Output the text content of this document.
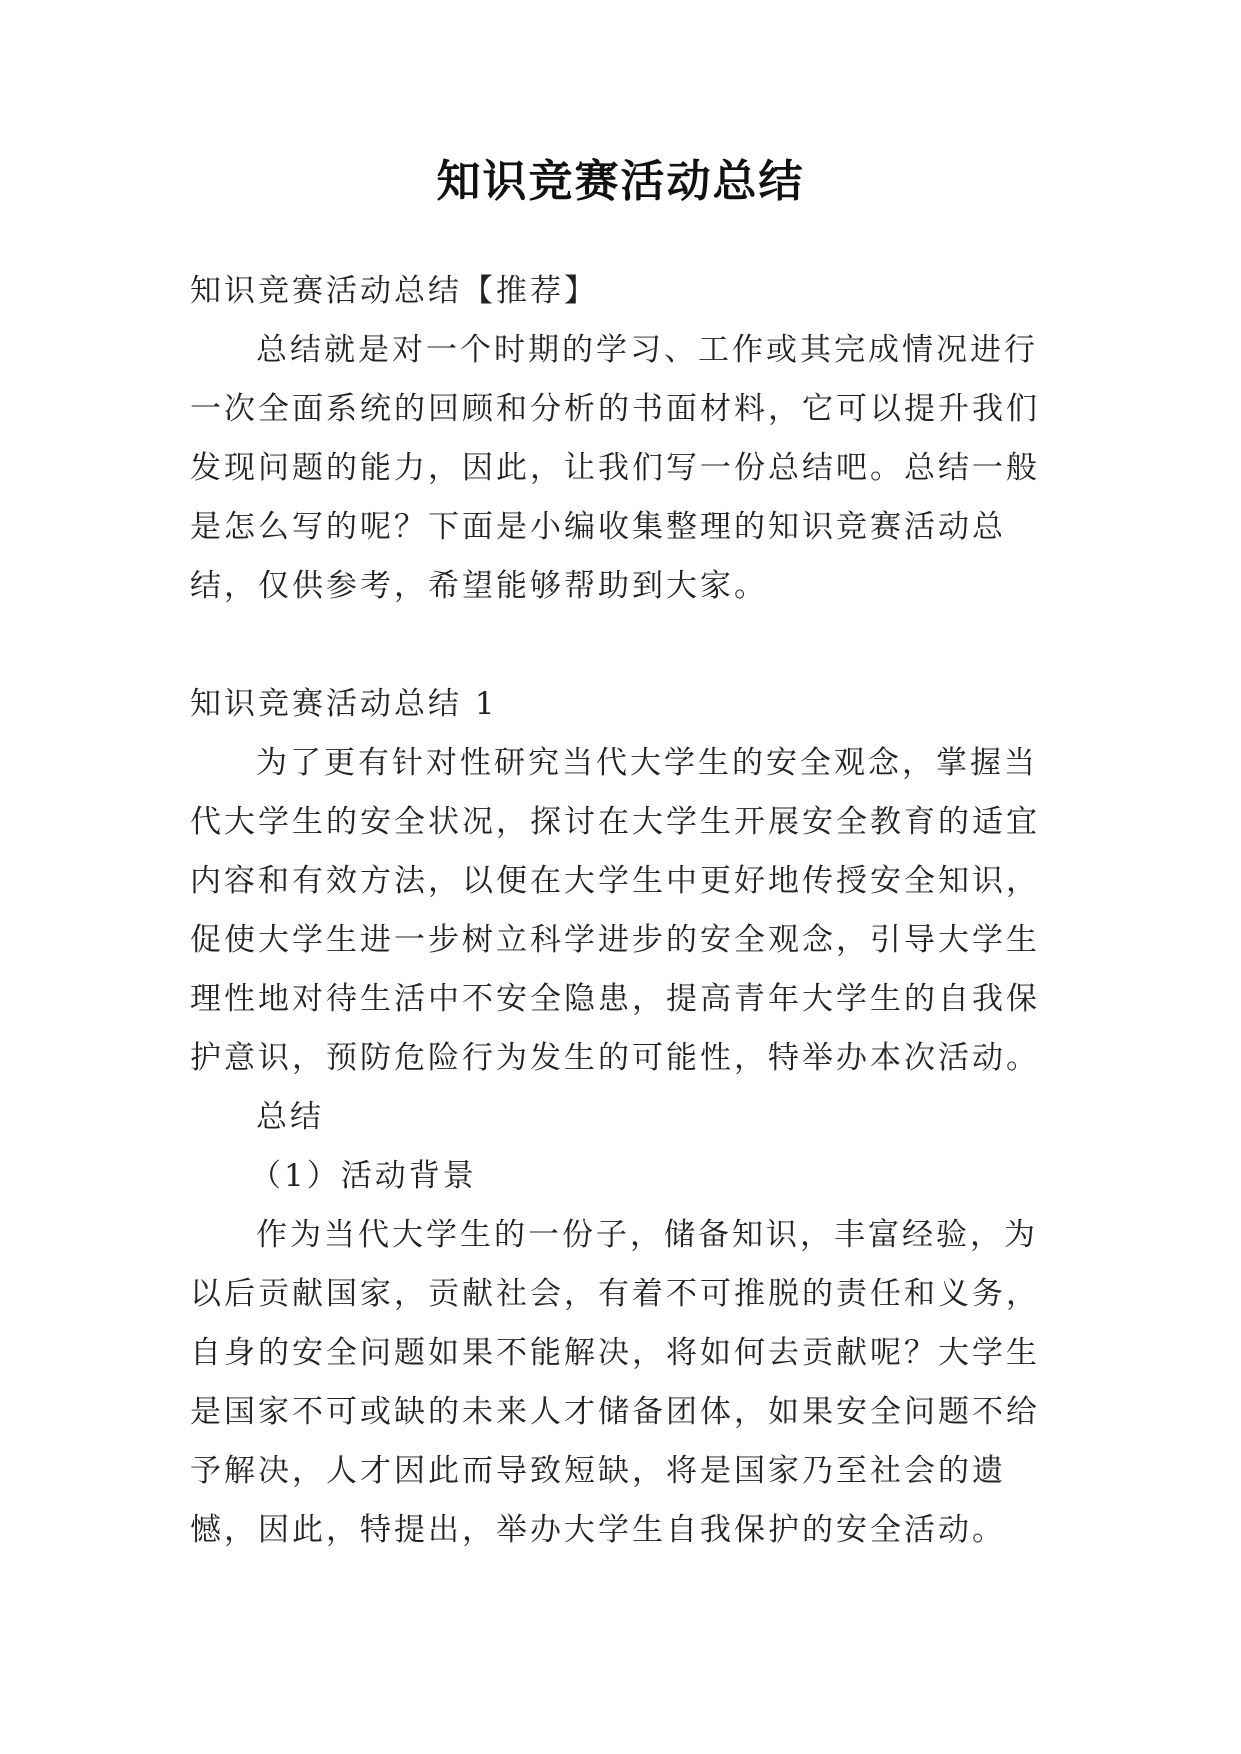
知识竞赛活动总结

知识竞赛活动总结【推荐】

总结就是对一个时期的学习、工作或其完成情况进行一次全面系统的回顾和分析的书面材料，它可以提升我们发现问题的能力，因此，让我们写一份总结吧。总结一般是怎么写的呢？下面是小编收集整理的知识竞赛活动总结，仅供参考，希望能够帮助到大家。

知识竞赛活动总结 1

为了更有针对性研究当代大学生的安全观念，掌握当代大学生的安全状况，探讨在大学生开展安全教育的适宜内容和有效方法，以便在大学生中更好地传授安全知识，促使大学生进一步树立科学进步的安全观念，引导大学生理性地对待生活中不安全隐患，提高青年大学生的自我保护意识，预防危险行为发生的可能性，特举办本次活动。

总结

（1）活动背景

作为当代大学生的一份子，储备知识，丰富经验，为以后贡献国家，贡献社会，有着不可推脱的责任和义务，自身的安全问题如果不能解决，将如何去贡献呢？大学生是国家不可或缺的未来人才储备团体，如果安全问题不给予解决，人才因此而导致短缺，将是国家乃至社会的遗憾，因此，特提出，举办大学生自我保护的安全活动。
